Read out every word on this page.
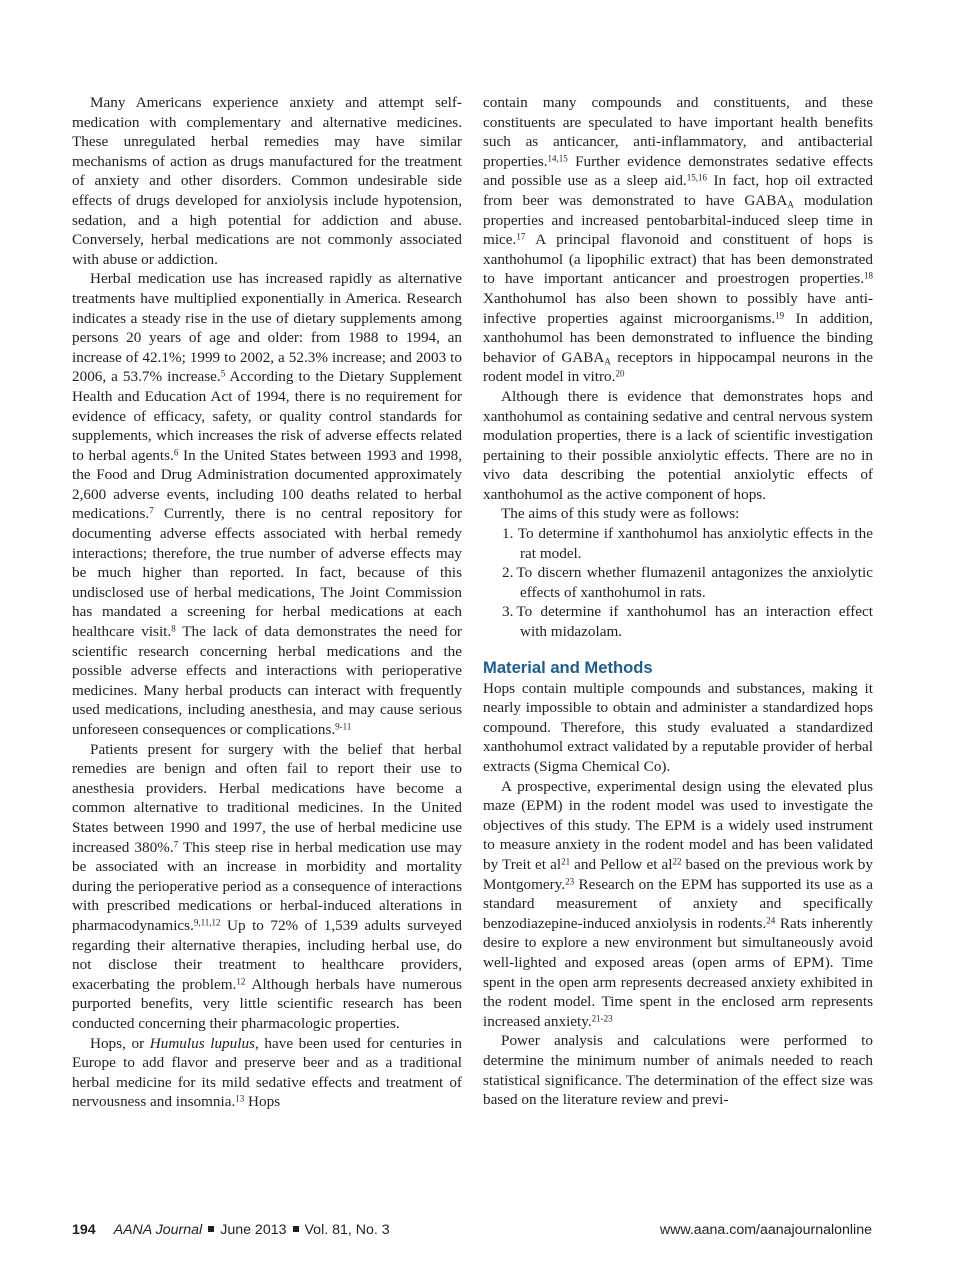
Many Americans experience anxiety and attempt self-medication with complementary and alternative medicines. These unregulated herbal remedies may have similar mechanisms of action as drugs manufactured for the treatment of anxiety and other disorders. Common undesirable side effects of drugs developed for anxiolysis include hypotension, sedation, and a high potential for addiction and abuse. Conversely, herbal medications are not commonly associated with abuse or addiction.

Herbal medication use has increased rapidly as alternative treatments have multiplied exponentially in America. Research indicates a steady rise in the use of dietary supplements among persons 20 years of age and older: from 1988 to 1994, an increase of 42.1%; 1999 to 2002, a 52.3% increase; and 2003 to 2006, a 53.7% increase.$^5$ According to the Dietary Supplement Health and Education Act of 1994, there is no requirement for evidence of efficacy, safety, or quality control standards for supplements, which increases the risk of adverse effects related to herbal agents.$^6$ In the United States between 1993 and 1998, the Food and Drug Administration documented approximately 2,600 adverse events, including 100 deaths related to herbal medications.$^7$ Currently, there is no central repository for documenting adverse effects associated with herbal remedy interactions; therefore, the true number of adverse effects may be much higher than reported. In fact, because of this undisclosed use of herbal medications, The Joint Commission has mandated a screening for herbal medications at each healthcare visit.$^8$ The lack of data demonstrates the need for scientific research concerning herbal medications and the possible adverse effects and interactions with perioperative medicines. Many herbal products can interact with frequently used medications, including anesthesia, and may cause serious unforeseen consequences or complications.$^{9-11}$

Patients present for surgery with the belief that herbal remedies are benign and often fail to report their use to anesthesia providers. Herbal medications have become a common alternative to traditional medicines. In the United States between 1990 and 1997, the use of herbal medicine use increased 380%.$^7$ This steep rise in herbal medication use may be associated with an increase in morbidity and mortality during the perioperative period as a consequence of interactions with prescribed medications or herbal-induced alterations in pharmacodynamics.$^{9,11,12}$ Up to 72% of 1,539 adults surveyed regarding their alternative therapies, including herbal use, do not disclose their treatment to healthcare providers, exacerbating the problem.$^{12}$ Although herbals have numerous purported benefits, very little scientific research has been conducted concerning their pharmacologic properties.

Hops, or Humulus lupulus, have been used for centuries in Europe to add flavor and preserve beer and as a traditional herbal medicine for its mild sedative effects and treatment of nervousness and insomnia.$^{13}$ Hops

contain many compounds and constituents, and these constituents are speculated to have important health benefits such as anticancer, anti-inflammatory, and antibacterial properties.$^{14,15}$ Further evidence demonstrates sedative effects and possible use as a sleep aid.$^{15,16}$ In fact, hop oil extracted from beer was demonstrated to have $GABA_A$ modulation properties and increased pentobarbital-induced sleep time in mice.$^{17}$ A principal flavonoid and constituent of hops is xanthohumol (a lipophilic extract) that has been demonstrated to have important anticancer and proestrogen properties.$^{18}$ Xanthohumol has also been shown to possibly have anti-infective properties against microorganisms.$^{19}$ In addition, xanthohumol has been demonstrated to influence the binding behavior of $GABA_A$ receptors in hippocampal neurons in the rodent model in vitro.$^{20}$

Although there is evidence that demonstrates hops and xanthohumol as containing sedative and central nervous system modulation properties, there is a lack of scientific investigation pertaining to their possible anxiolytic effects. There are no in vivo data describing the potential anxiolytic effects of xanthohumol as the active component of hops.

The aims of this study were as follows:

1. To determine if xanthohumol has anxiolytic effects in the rat model.
2. To discern whether flumazenil antagonizes the anxiolytic effects of xanthohumol in rats.
3. To determine if xanthohumol has an interaction effect with midazolam.
Material and Methods

Hops contain multiple compounds and substances, making it nearly impossible to obtain and administer a standardized hops compound. Therefore, this study evaluated a standardized xanthohumol extract validated by a reputable provider of herbal extracts (Sigma Chemical Co).

A prospective, experimental design using the elevated plus maze (EPM) in the rodent model was used to investigate the objectives of this study. The EPM is a widely used instrument to measure anxiety in the rodent model and has been validated by Treit et $al^{21}$ and Pellow et $al^{22}$ based on the previous work by Montgomery.$^{23}$ Research on the EPM has supported its use as a standard measurement of anxiety and specifically benzodiazepine-induced anxiolysis in rodents.$^{24}$ Rats inherently desire to explore a new environment but simultaneously avoid well-lighted and exposed areas (open arms of EPM). Time spent in the open arm represents decreased anxiety exhibited in the rodent model. Time spent in the enclosed arm represents increased anxiety.$^{21-23}$

Power analysis and calculations were performed to determine the minimum number of animals needed to reach statistical significance. The determination of the effect size was based on the literature review and previ-

194 AANA Journal June 2013 Vol. 81, No. 3	www.aana.com/aanajournalonline
